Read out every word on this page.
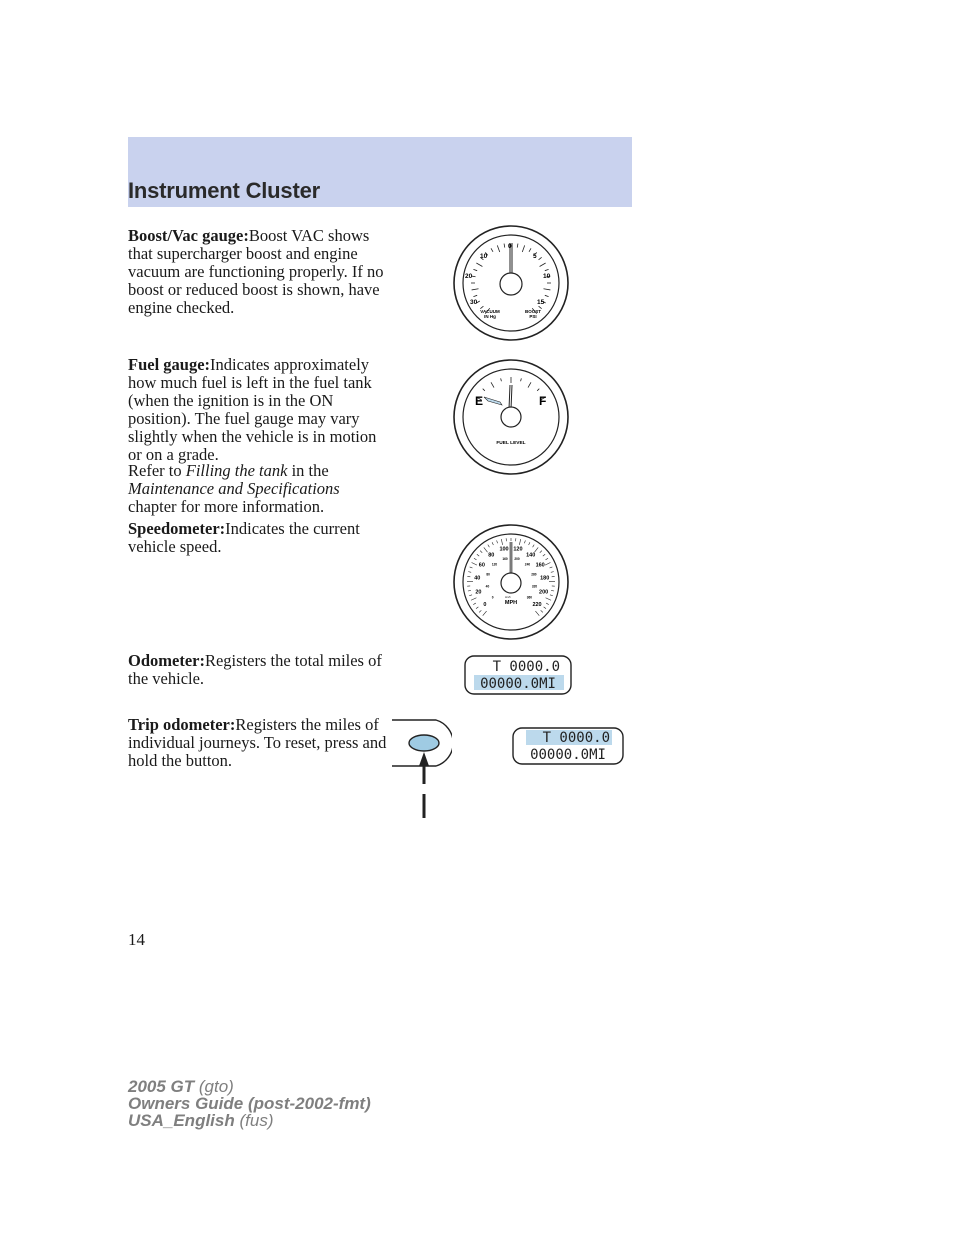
Instrument Cluster

Boost/Vac gauge:Boost VAC shows that supercharger boost and engine vacuum are functioning properly. If no boost or reduced boost is shown, have engine checked.

Fuel gauge:Indicates approximately how much fuel is left in the fuel tank (when the ignition is in the ON position). The fuel gauge may vary slightly when the vehicle is in motion or on a grade.

Refer to Filling the tank in the Maintenance and Specifications chapter for more information.

Speedometer:Indicates the current vehicle speed.

Odometer:Registers the total miles of the vehicle.

Trip odometer:Registers the miles of individual journeys. To reset, press and hold the button.

30
20
10
0
5
10
15
VACUUM
IN Hg
BOOST
PSI
E	F
FUEL LEVEL
0
20
40
60
80
100 120
140
160
180
200
220
0
40
80
120
160 200
240
280
320
360
km/h
MPH
T 0000.0
00000.0MI
T 0000.0
00000.0MI
14
2005 GT (gto)
Owners Guide (post-2002-fmt)
USA_English (fus)
